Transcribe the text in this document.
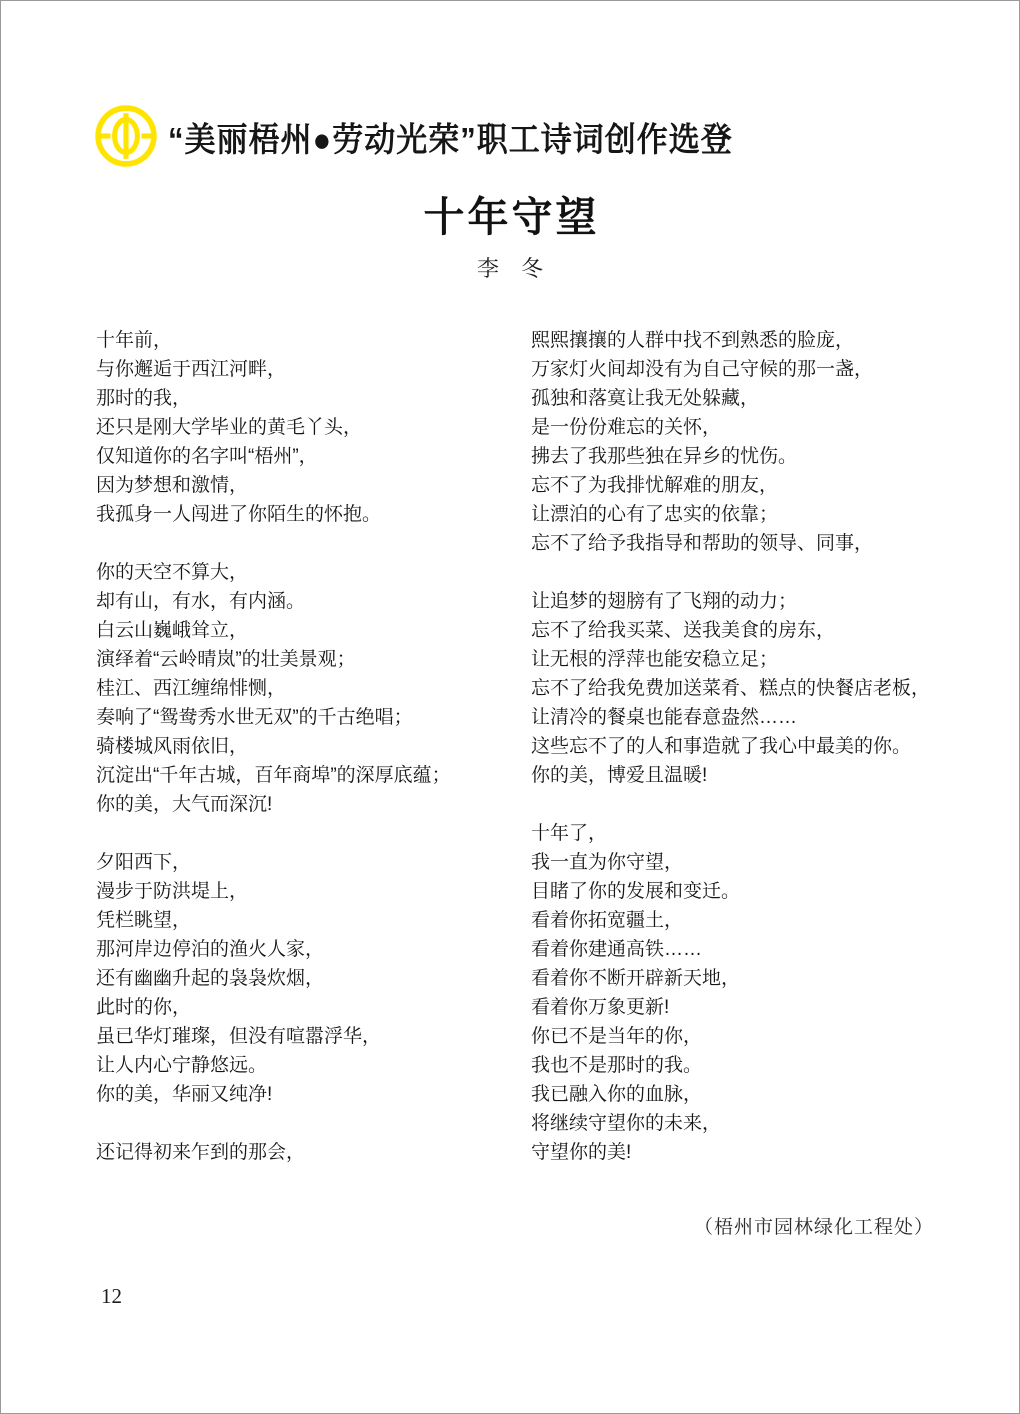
“美丽梧州●劳动光荣”职工诗词创作选登
十年守望
李　冬
十年前，
与你邂逅于西江河畔，
那时的我，
还只是刚大学毕业的黄毛丫头，
仅知道你的名字叫“梧州”，
因为梦想和激情，
我孤身一人闯进了你陌生的怀抱。
你的天空不算大，
却有山，有水，有内涵。
白云山巍峨耸立，
演绎着“云岭晴岚”的壮美景观；
桂江、西江缠绵悱恻，
奏响了“鸳鸯秀水世无双”的千古绝唱；
骑楼城风雨依旧，
沉淀出“千年古城，百年商埠”的深厚底蕴；
你的美，大气而深沉!
夕阳西下，
漫步于防洪堤上，
凭栏眺望，
那河岸边停泊的渔火人家，
还有幽幽升起的袅袅炊烟，
此时的你，
虽已华灯璀璨，但没有喧嚣浮华，
让人内心宁静悠远。
你的美，华丽又纯净!
还记得初来乍到的那会，
熙熙攘攘的人群中找不到熟悉的脸庞，
万家灯火间却没有为自己守候的那一盏，
孤独和落寞让我无处躲藏，
是一份份难忘的关怀，
拂去了我那些独在异乡的忧伤。
忘不了为我排忧解难的朋友，
让漂泊的心有了忠实的依靠；
忘不了给予我指导和帮助的领导、同事，
让追梦的翅膀有了飞翔的动力；
忘不了给我买菜、送我美食的房东，
让无根的浮萍也能安稳立足；
忘不了给我免费加送菜肴、糕点的快餐店老板，
让清冷的餐桌也能春意盎然……
这些忘不了的人和事造就了我心中最美的你。
你的美，博爱且温暖!
十年了，
我一直为你守望，
目睹了你的发展和变迁。
看着你拓宽疆土，
看着你建通高铁……
看着你不断开辟新天地，
看着你万象更新!
你已不是当年的你，
我也不是那时的我。
我已融入你的血脉，
将继续守望你的未来，
守望你的美!
（梧州市园林绿化工程处）
12
